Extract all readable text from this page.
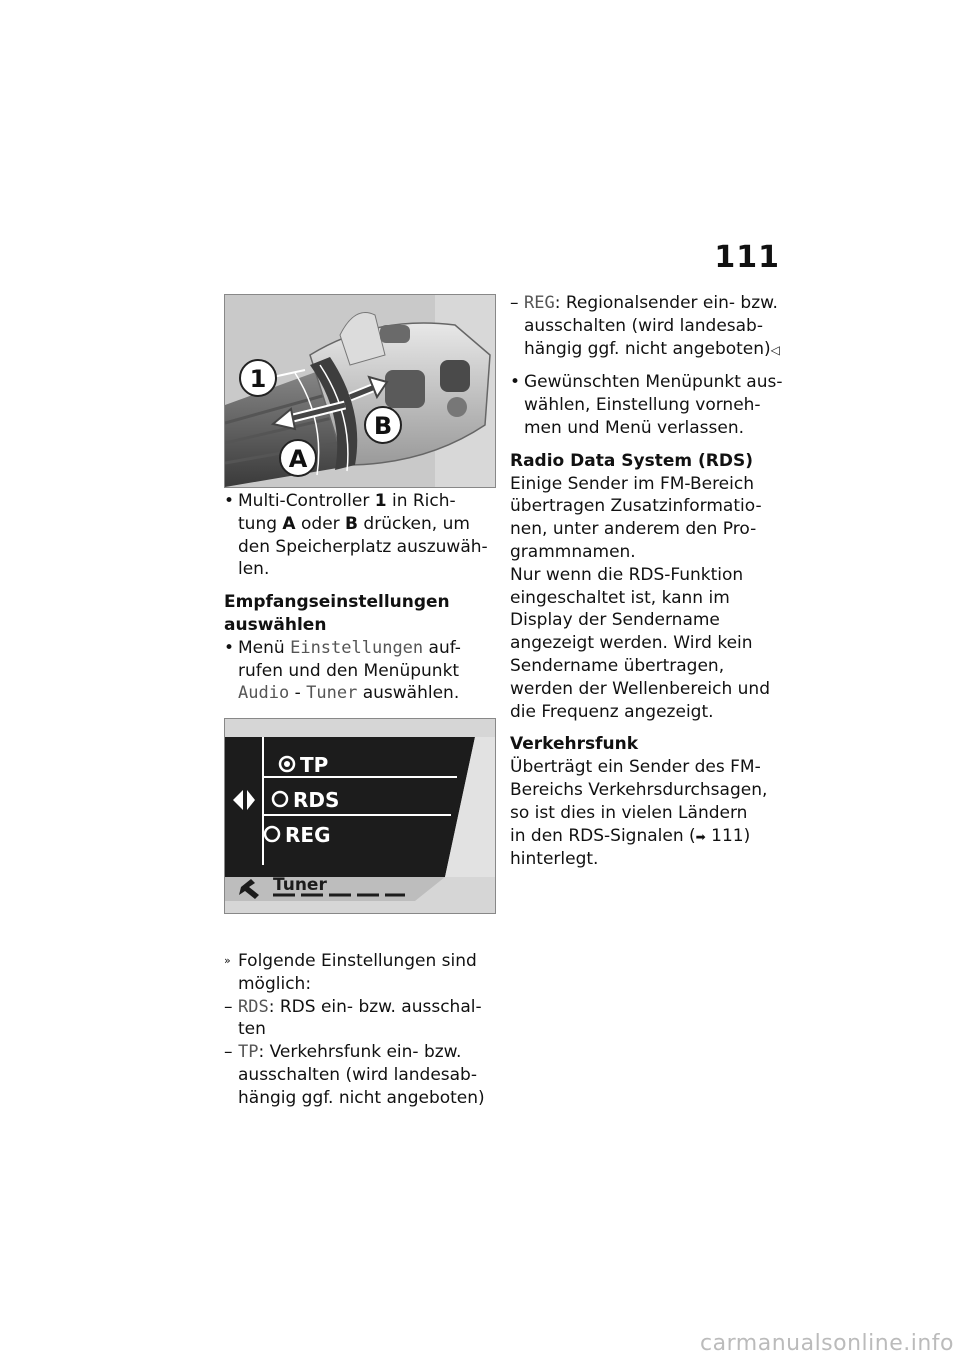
111
1
B
A
TP
RDS
REG
Tuner
• Multi-Controller 1 in Rich-

tung A oder B drücken, um

den Speicherplatz auszuwäh-

len.

Empfangseinstellungen

auswählen

• Menü Einstellungen auf-

rufen und den Menüpunkt

Audio - Tuner auswählen.

» Folgende Einstellungen sind

möglich:

– RDS: RDS ein- bzw. ausschal-

ten

– TP: Verkehrsfunk ein- bzw.

ausschalten (wird landesab-

hängig ggf. nicht angeboten)

– REG: Regionalsender ein- bzw.

ausschalten (wird landesab-

hängig ggf. nicht angeboten)◁

• Gewünschten Menüpunkt aus-

wählen, Einstellung vorneh-

men und Menü verlassen.

Radio Data System (RDS)

Einige Sender im FM-Bereich

übertragen Zusatzinformatio-

nen, unter anderem den Pro-

grammnamen.

Nur wenn die RDS-Funktion

eingeschaltet ist, kann im

Display der Sendername

angezeigt werden. Wird kein

Sendername übertragen,

werden der Wellenbereich und

die Frequenz angezeigt.

Verkehrsfunk

Überträgt ein Sender des FM-

Bereichs Verkehrsdurchsagen,

so ist dies in vielen Ländern

in den RDS-Signalen (➡ 111)

hinterlegt.

carmanualsonline.info
